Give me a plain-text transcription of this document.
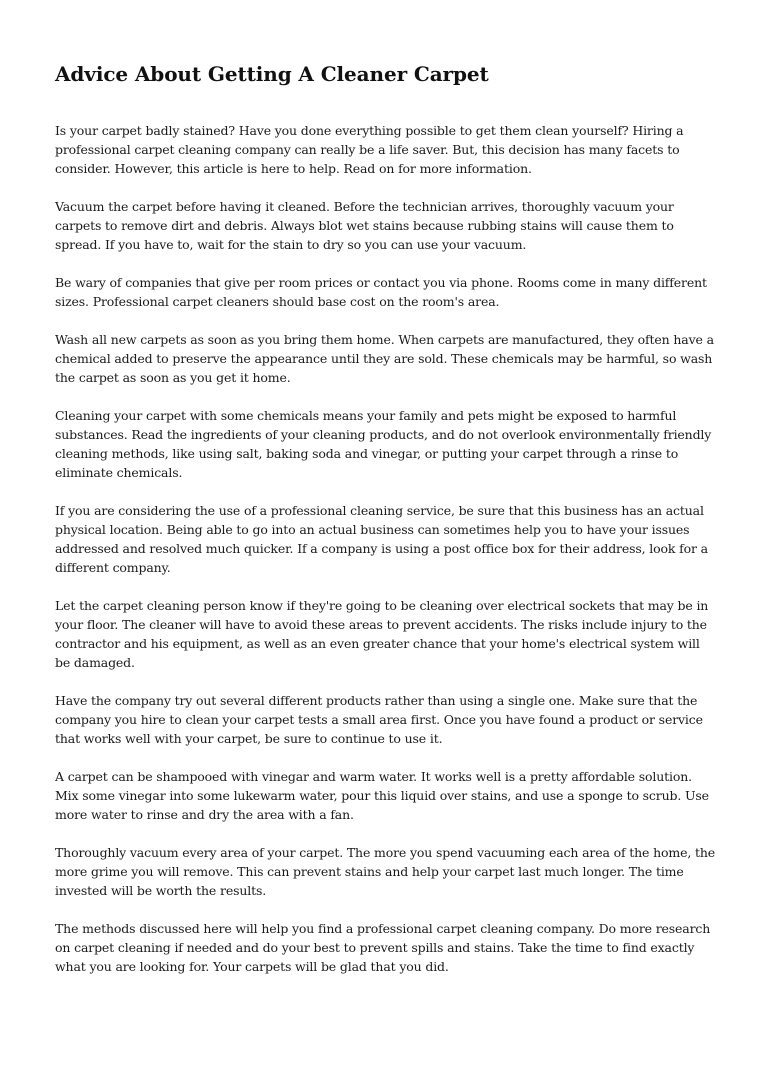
Advice About Getting A Cleaner Carpet

Is your carpet badly stained? Have you done everything possible to get them clean yourself? Hiring a professional carpet cleaning company can really be a life saver. But, this decision has many facets to consider. However, this article is here to help. Read on for more information.

Vacuum the carpet before having it cleaned. Before the technician arrives, thoroughly vacuum your carpets to remove dirt and debris. Always blot wet stains because rubbing stains will cause them to spread. If you have to, wait for the stain to dry so you can use your vacuum.

Be wary of companies that give per room prices or contact you via phone. Rooms come in many different sizes. Professional carpet cleaners should base cost on the room's area.

Wash all new carpets as soon as you bring them home. When carpets are manufactured, they often have a chemical added to preserve the appearance until they are sold. These chemicals may be harmful, so wash the carpet as soon as you get it home.

Cleaning your carpet with some chemicals means your family and pets might be exposed to harmful substances. Read the ingredients of your cleaning products, and do not overlook environmentally friendly cleaning methods, like using salt, baking soda and vinegar, or putting your carpet through a rinse to eliminate chemicals.

If you are considering the use of a professional cleaning service, be sure that this business has an actual physical location. Being able to go into an actual business can sometimes help you to have your issues addressed and resolved much quicker. If a company is using a post office box for their address, look for a different company.

Let the carpet cleaning person know if they're going to be cleaning over electrical sockets that may be in your floor. The cleaner will have to avoid these areas to prevent accidents. The risks include injury to the contractor and his equipment, as well as an even greater chance that your home's electrical system will be damaged.

Have the company try out several different products rather than using a single one. Make sure that the company you hire to clean your carpet tests a small area first. Once you have found a product or service that works well with your carpet, be sure to continue to use it.

A carpet can be shampooed with vinegar and warm water. It works well is a pretty affordable solution. Mix some vinegar into some lukewarm water, pour this liquid over stains, and use a sponge to scrub. Use more water to rinse and dry the area with a fan.

Thoroughly vacuum every area of your carpet. The more you spend vacuuming each area of the home, the more grime you will remove. This can prevent stains and help your carpet last much longer. The time invested will be worth the results.

The methods discussed here will help you find a professional carpet cleaning company. Do more research on carpet cleaning if needed and do your best to prevent spills and stains. Take the time to find exactly what you are looking for. Your carpets will be glad that you did.
